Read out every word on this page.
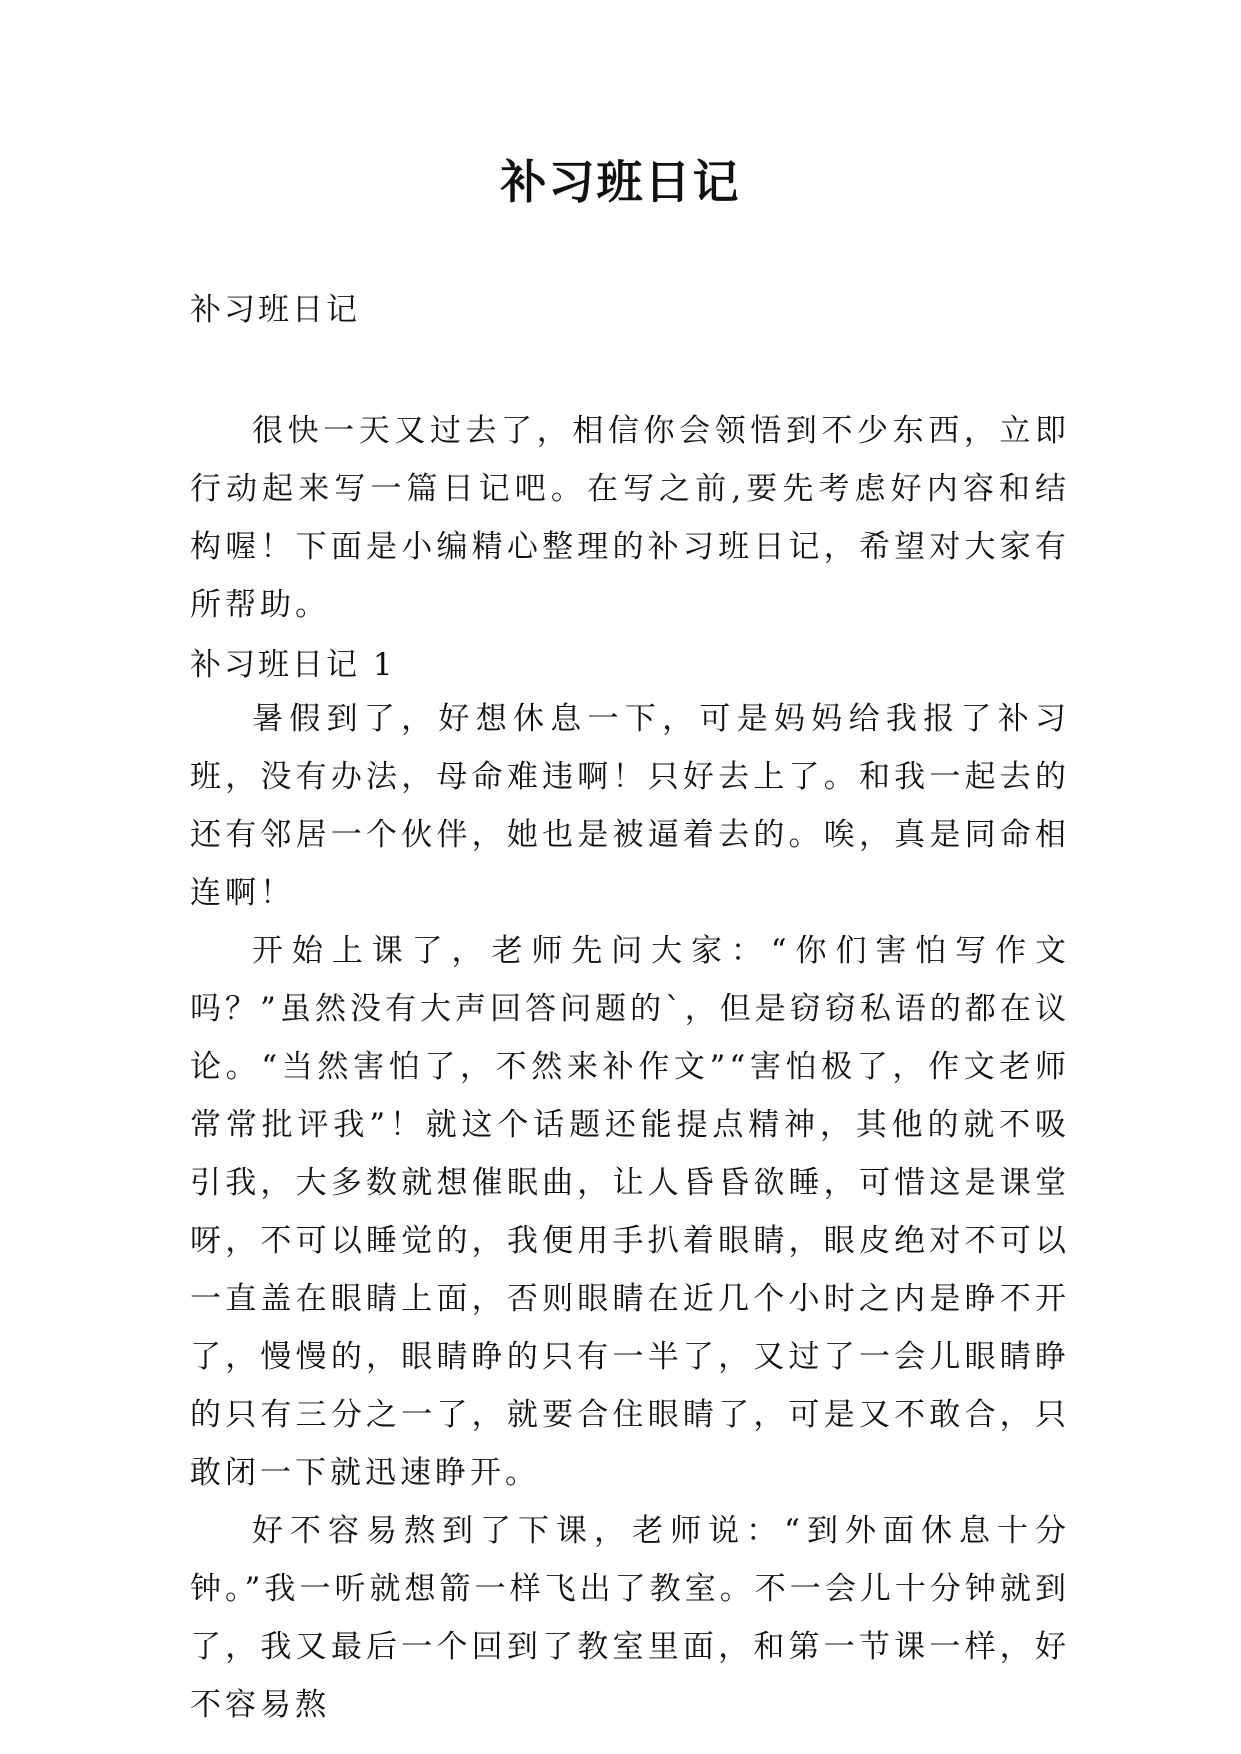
补习班日记
补习班日记

很快一天又过去了，相信你会领悟到不少东西，立即行动起来写一篇日记吧。在写之前,要先考虑好内容和结构喔！下面是小编精心整理的补习班日记，希望对大家有所帮助。

补习班日记 1

暑假到了，好想休息一下，可是妈妈给我报了补习班，没有办法，母命难违啊！只好去上了。和我一起去的还有邻居一个伙伴，她也是被逼着去的。唉，真是同命相连啊！

开始上课了，老师先问大家：“你们害怕写作文吗？”虽然没有大声回答问题的`，但是窃窃私语的都在议论。“当然害怕了，不然来补作文”“害怕极了，作文老师常常批评我”！就这个话题还能提点精神，其他的就不吸引我，大多数就想催眠曲，让人昏昏欲睡，可惜这是课堂呀，不可以睡觉的，我便用手扒着眼睛，眼皮绝对不可以一直盖在眼睛上面，否则眼睛在近几个小时之内是睁不开了，慢慢的，眼睛睁的只有一半了，又过了一会儿眼睛睁的只有三分之一了，就要合住眼睛了，可是又不敢合，只敢闭一下就迅速睁开。

好不容易熬到了下课，老师说：“到外面休息十分钟。”我一听就想箭一样飞出了教室。不一会儿十分钟就到了，我又最后一个回到了教室里面，和第一节课一样，好不容易熬
